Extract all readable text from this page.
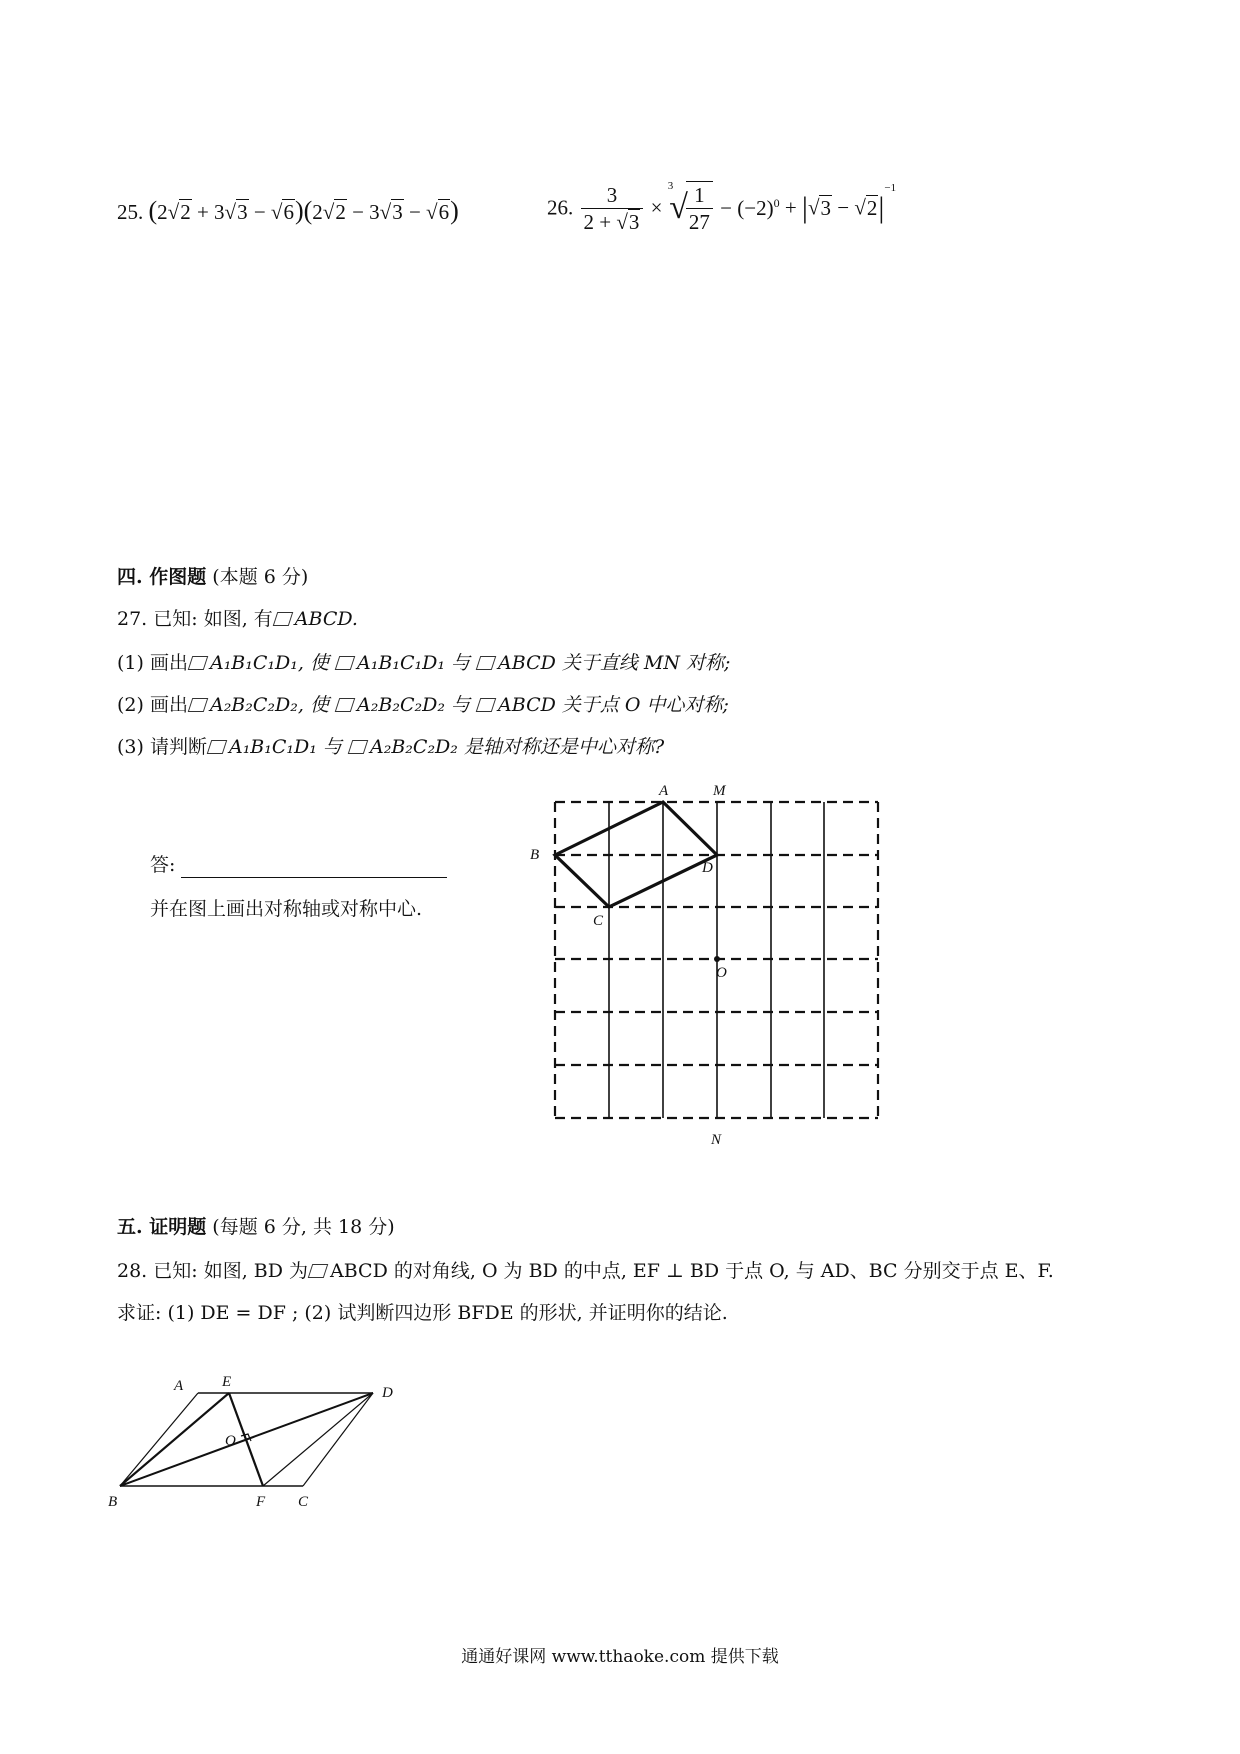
25. (2√2 + 3√3 − √6)(2√2 − 3√3 − √6)	26. $\frac{3}{2 + √3} \times ^3√$
$\frac{1}{27} - (-2)^0 + |√3 - √2|^{-1}$
四. 作图题 (本题 6 分)
27. 已知: 如图, 有 ABCD.
(1) 画出 A₁B₁C₁D₁, 使 A₁B₁C₁D₁ 与 ABCD 关于直线 MN 对称;
(2) 画出 A₂B₂C₂D₂, 使 A₂B₂C₂D₂ 与 ABCD 关于点 O 中心对称;
(3) 请判断 A₁B₁C₁D₁ 与 A₂B₂C₂D₂ 是轴对称还是中心对称?
答:
并在图上画出对称轴或对称中心.
A	M
B
D
C
O
N
五. 证明题 (每题 6 分, 共 18 分)
28. 已知: 如图, BD 为 ABCD 的对角线, O 为 BD 的中点, EF ⊥ BD 于点 O, 与 AD、BC 分别交于点 E、F.
求证: (1) DE = DF ; (2) 试判断四边形 BFDE 的形状, 并证明你的结论.
A	E
D
O
B	F C
通通好课网 www.tthaoke.com 提供下载
